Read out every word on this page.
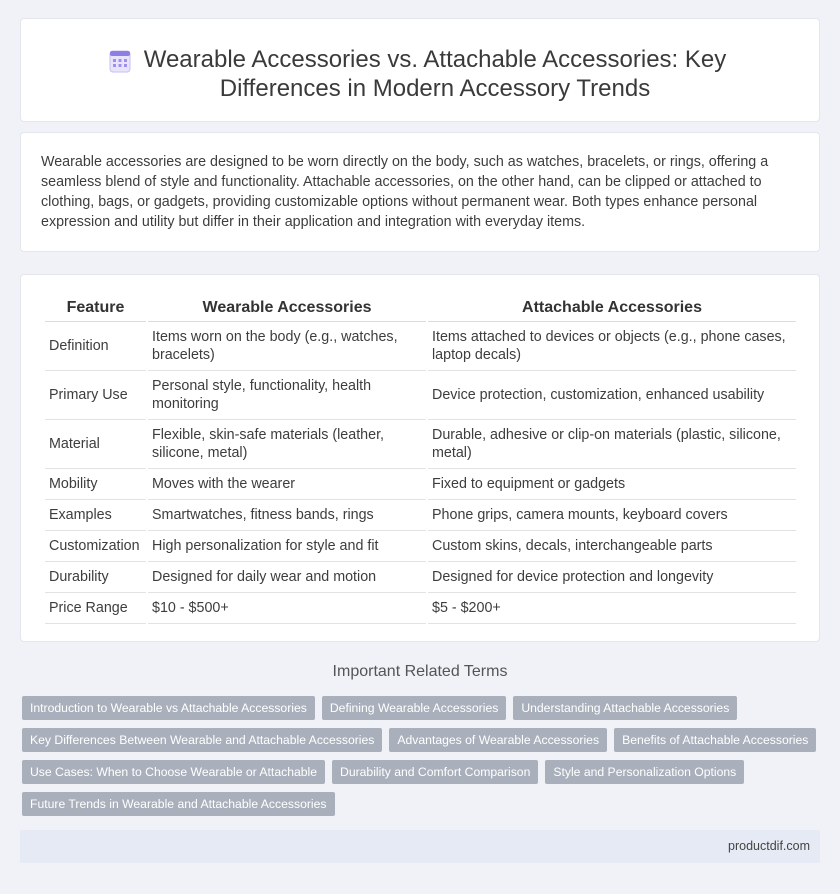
Wearable Accessories vs. Attachable Accessories: Key Differences in Modern Accessory Trends

Wearable accessories are designed to be worn directly on the body, such as watches, bracelets, or rings, offering a seamless blend of style and functionality. Attachable accessories, on the other hand, can be clipped or attached to clothing, bags, or gadgets, providing customizable options without permanent wear. Both types enhance personal expression and utility but differ in their application and integration with everyday items.

Feature	Wearable Accessories	Attachable Accessories
Definition	Items worn on the body (e.g., watches, bracelets)	Items attached to devices or objects (e.g., phone cases, laptop decals)
Primary Use	Personal style, functionality, health monitoring	Device protection, customization, enhanced usability
Material	Flexible, skin-safe materials (leather, silicone, metal)	Durable, adhesive or clip-on materials (plastic, silicone, metal)
Mobility	Moves with the wearer	Fixed to equipment or gadgets
Examples	Smartwatches, fitness bands, rings	Phone grips, camera mounts, keyboard covers
Customization	High personalization for style and fit	Custom skins, decals, interchangeable parts
Durability	Designed for daily wear and motion	Designed for device protection and longevity
Price Range	$10 - $500+	$5 - $200+
Important Related Terms
Introduction to Wearable vs Attachable Accessories	Defining Wearable Accessories	Understanding Attachable Accessories
Key Differences Between Wearable and Attachable Accessories	Advantages of Wearable Accessories	Benefits of Attachable Accessories
Use Cases: When to Choose Wearable or Attachable	Durability and Comfort Comparison	Style and Personalization Options
Future Trends in Wearable and Attachable Accessories
productdif.com
